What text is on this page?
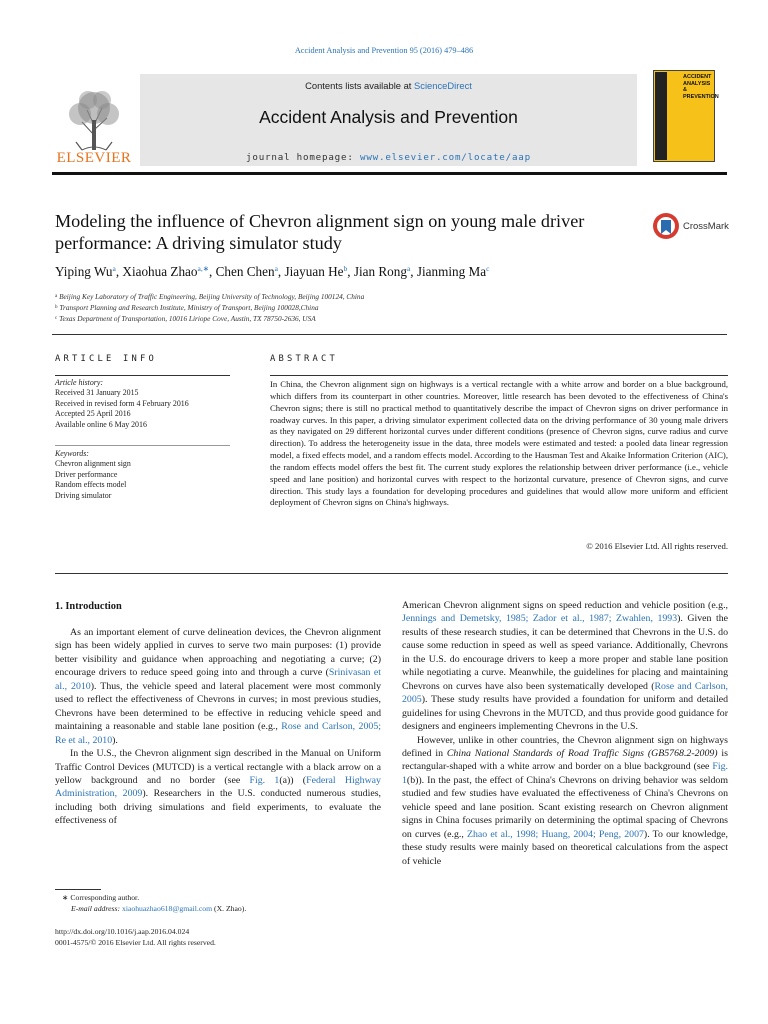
Accident Analysis and Prevention 95 (2016) 479–486
ELSEVIER
Contents lists available at ScienceDirect
Accident Analysis and Prevention
journal homepage: www.elsevier.com/locate/aap
ACCIDENT
ANALYSIS
&
PREVENTION
Modeling the influence of Chevron alignment sign on young male driver performance: A driving simulator study
CrossMark
Yiping Wu$^a$, Xiaohua Zhao$^{a,∗}$, Chen Chen$^a$, Jiayuan He$^b$, Jian Rong$^a$, Jianming Ma$^c$
$^a$ Beijing Key Laboratory of Traffic Engineering, Beijing University of Technology, Beijing 100124, China
$^b$ Transport Planning and Research Institute, Ministry of Transport, Beijing 100028,China
$^c$ Texas Department of Transportation, 10016 Liriope Cove, Austin, TX 78750-2636, USA
ARTICLE INFO	ABSTRACT
Article history:
Received 31 January 2015
Received in revised form 4 February 2016
Accepted 25 April 2016
Available online 6 May 2016
Keywords:
Chevron alignment sign
Driver performance
Random effects model
Driving simulator
In China, the Chevron alignment sign on highways is a vertical rectangle with a white arrow and border on a blue background, which differs from its counterpart in other countries. Moreover, little research has been devoted to the effectiveness of China's Chevron signs; there is still no practical method to quantitatively describe the impact of Chevron signs on driver performance in roadway curves. In this paper, a driving simulator experiment collected data on the driving performance of 30 young male drivers as they navigated on 29 different horizontal curves under different conditions (presence of Chevron signs, curve radius and curve direction). To address the heterogeneity issue in the data, three models were estimated and tested: a pooled data linear regression model, a fixed effects model, and a random effects model. According to the Hausman Test and Akaike Information Criterion (AIC), the random effects model offers the best fit. The current study explores the relationship between driver performance (i.e., vehicle speed and lane position) and horizontal curves with respect to the horizontal curvature, presence of Chevron signs, and curve direction. This study lays a foundation for developing procedures and guidelines that would allow more uniform and efficient deployment of Chevron signs on China's highways.
© 2016 Elsevier Ltd. All rights reserved.
1. Introduction

As an important element of curve delineation devices, the Chevron alignment sign has been widely applied in curves to serve two main purposes: (1) provide better visibility and guidance when approaching and negotiating a curve; (2) encourage drivers to reduce speed going into and through a curve (Srinivasan et al., 2010). Thus, the vehicle speed and lateral placement were most commonly used to reflect the effectiveness of Chevrons in curves; in most previous studies, Chevrons have been determined to be effective in reducing vehicle speed and maintaining a reasonable and stable lane position (e.g., Rose and Carlson, 2005; Re et al., 2010).

In the U.S., the Chevron alignment sign described in the Manual on Uniform Traffic Control Devices (MUTCD) is a vertical rectangle with a black arrow on a yellow background and no border (see Fig. 1(a)) (Federal Highway Administration, 2009). Researchers in the U.S. conducted numerous studies, including both driving simulations and field experiments, to evaluate the effectiveness of

American Chevron alignment signs on speed reduction and vehicle position (e.g., Jennings and Demetsky, 1985; Zador et al., 1987; Zwahlen, 1993). Given the results of these research studies, it can be determined that Chevrons in the U.S. do cause some reduction in speed as well as speed variance. Additionally, Chevrons in the U.S. do encourage drivers to keep a more proper and stable lane position while negotiating a curve. Meanwhile, the guidelines for placing and maintaining Chevrons on curves have also been systematically developed (Rose and Carlson, 2005). These study results have provided a foundation for uniform and detailed guidelines for using Chevrons in the MUTCD, and thus provide good guidance for designers and engineers implementing Chevrons in the U.S.

However, unlike in other countries, the Chevron alignment sign on highways defined in China National Standards of Road Traffic Signs (GB5768.2-2009) is rectangular-shaped with a white arrow and border on a blue background (see Fig. 1(b)). In the past, the effect of China's Chevrons on driving behavior was seldom studied and few studies have evaluated the effectiveness of China's Chevrons on vehicle speed and lane position. Scant existing research on Chevron alignment signs in China focuses primarily on determining the optimal spacing of Chevrons on curves (e.g., Zhao et al., 1998; Huang, 2004; Peng, 2007). To our knowledge, these study results were mainly based on theoretical calculations from the aspect of vehicle

∗ Corresponding author.
E-mail address: xiaohuazhao618@gmail.com (X. Zhao).
http://dx.doi.org/10.1016/j.aap.2016.04.024
0001-4575/© 2016 Elsevier Ltd. All rights reserved.
